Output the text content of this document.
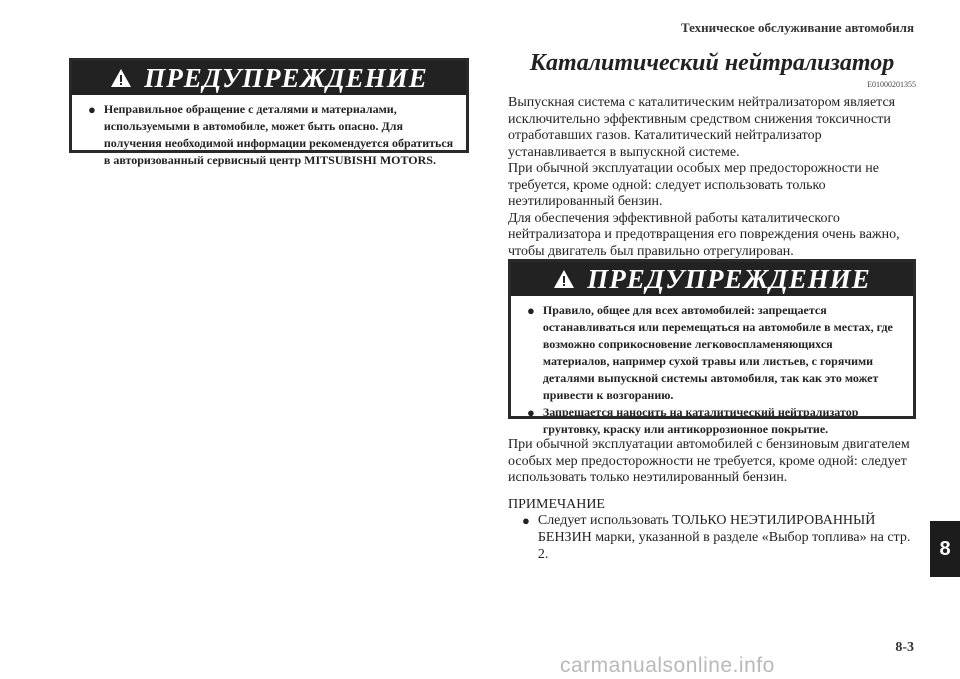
Техническое обслуживание автомобиля
ПРЕДУПРЕЖДЕНИЕ
● Неправильное обращение с деталями и материалами, используемыми в автомобиле, может быть опасно. Для получения необходимой информации рекомендуется обратиться в авторизованный сервисный центр MITSUBISHI MOTORS.
Каталитический нейтрализатор
E01000201355
Выпускная система с каталитическим нейтрализатором является исключительно эффективным средством снижения токсичности отработавших газов. Каталитический нейтрализатор устанавливается в выпускной системе.
При обычной эксплуатации особых мер предосторожности не требуется, кроме одной: следует использовать только неэтилированный бензин.
Для обеспечения эффективной работы каталитического нейтрализатора и предотвращения его повреждения очень важно, чтобы двигатель был правильно отрегулирован.
ПРЕДУПРЕЖДЕНИЕ
● Правило, общее для всех автомобилей: запрещается останавливаться или перемещаться на автомобиле в местах, где возможно соприкосновение легковоспламеняющихся материалов, например сухой травы или листьев, с горячими деталями выпускной системы автомобиля, так как это может привести к возгоранию.
● Запрещается наносить на каталитический нейтрализатор грунтовку, краску или антикоррозионное покрытие.
При обычной эксплуатации автомобилей с бензиновым двигателем особых мер предосторожности не требуется, кроме одной: следует использовать только неэтилированный бензин.
ПРИМЕЧАНИЕ
● Следует использовать ТОЛЬКО НЕЭТИЛИРОВАННЫЙ БЕНЗИН марки, указанной в разделе «Выбор топлива» на стр. 2.	8
8-3
carmanualsonline.info
